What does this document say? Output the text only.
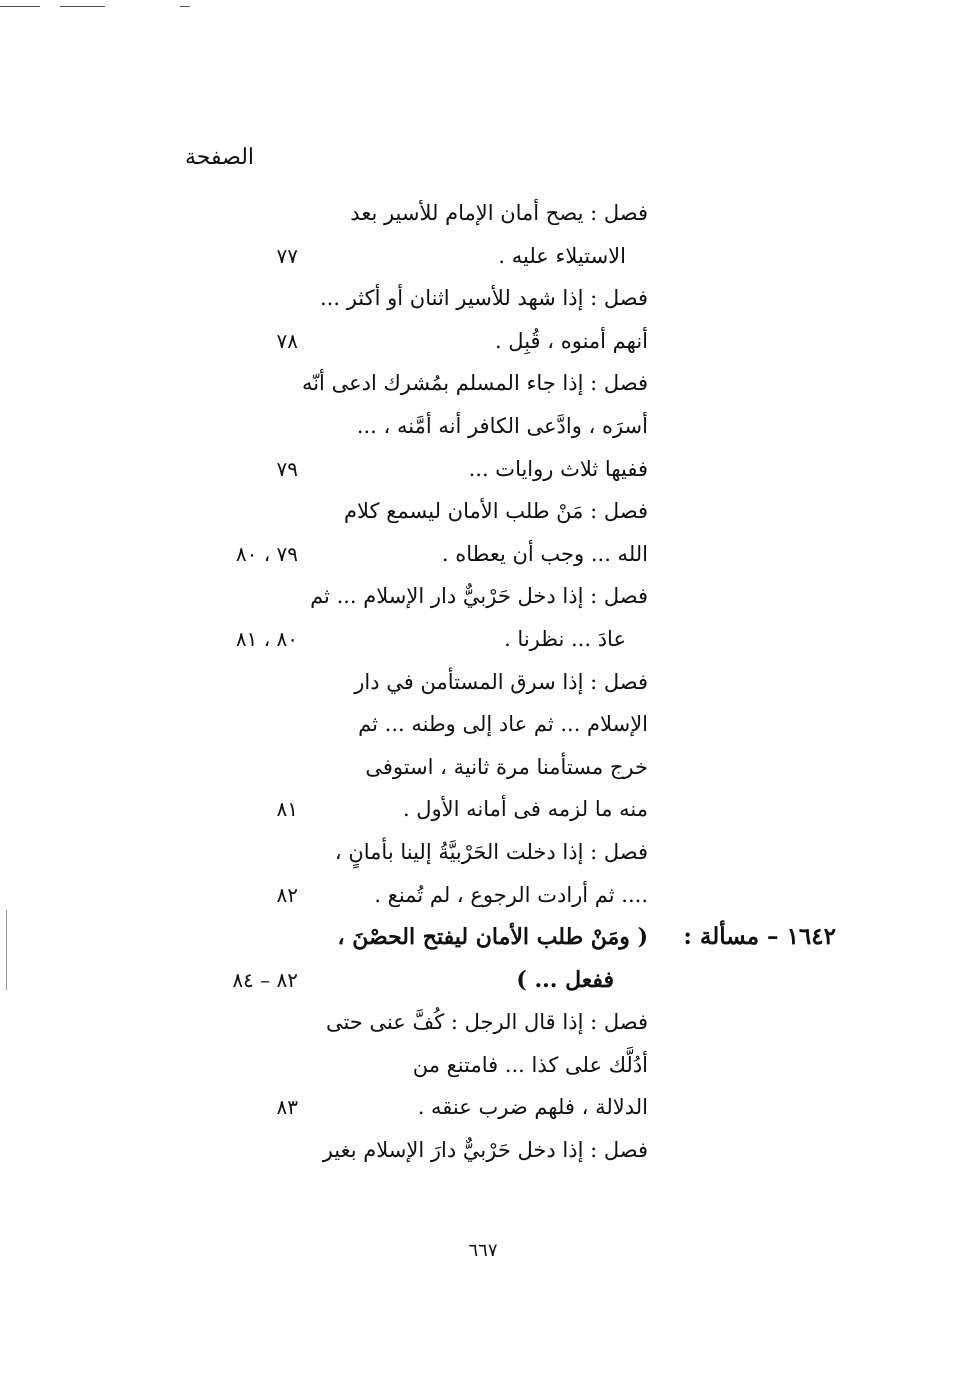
الصفحة
فصل : يصح أمان الإمام للأسير بعد
الاستيلاء عليه .
٧٧
فصل : إذا شهد للأسير اثنان أو أكثر ...
أنهم أمنوه ، قُبِل .
٧٨
فصل : إذا جاء المسلم بمُشرك ادعى أنّه
أسرَه ، وادَّعى الكافر أنه أمَّنه ، ...
ففيها ثلاث روايات ...
٧٩
فصل : مَنْ طلب الأمان ليسمع كلام
الله ... وجب أن يعطاه .
٧٩ ، ٨٠
فصل : إذا دخل حَرْبيٌّ دار الإسلام ... ثم
عادَ ... نظرنا .
٨٠ ، ٨١
فصل : إذا سرق المستأمن في دار
الإسلام ... ثم عاد إلى وطنه ... ثم
خرج مستأمنا مرة ثانية ، استوفى
منه ما لزمه فى أمانه الأول .
٨١
فصل : إذا دخلت الحَرْبيَّةُ إلينا بأمانٍ ،
.... ثم أرادت الرجوع ، لم تُمنع .
٨٢
١٦٤٢ – مسألة :
( ومَنْ طلب الأمان ليفتح الحصْنَ ،
ففعل ... )
٨٢ – ٨٤
فصل : إذا قال الرجل : كُفَّ عنى حتى
أدُلَّك على كذا ... فامتنع من
الدلالة ، فلهم ضرب عنقه .
٨٣
فصل : إذا دخل حَرْبيٌّ دارَ الإسلام بغير
٦٦٧
